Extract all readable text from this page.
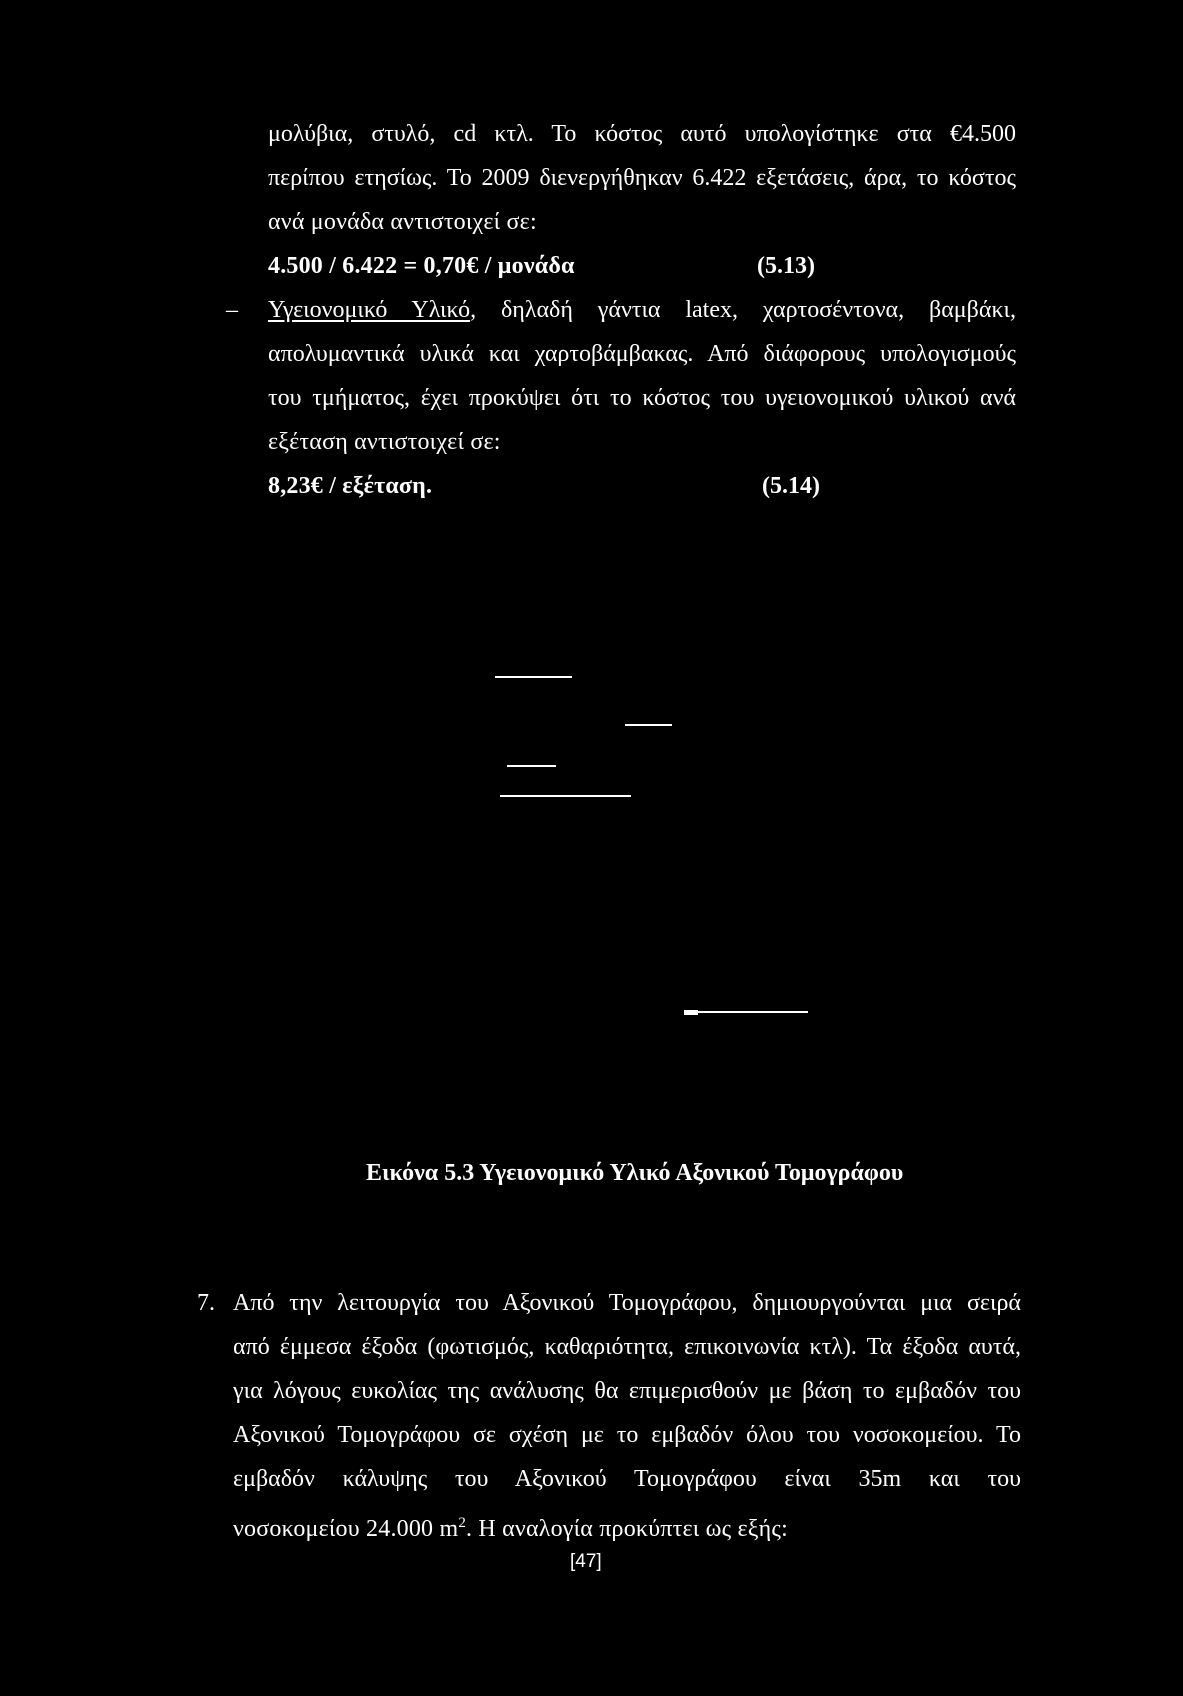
μολύβια, στυλό, cd κτλ. Το κόστος αυτό υπολογίστηκε στα €4.500
περίπου ετησίως. Το 2009 διενεργήθηκαν 6.422 εξετάσεις, άρα, το κόστος
ανά μονάδα αντιστοιχεί σε:
4.500 / 6.422 = 0,70€ / μονάδα	(5.13)
– Υγειονομικό Υλικό, δηλαδή γάντια latex, χαρτοσέντονα, βαμβάκι,
απολυμαντικά υλικά και χαρτοβάμβακας. Από διάφορους υπολογισμούς
του τμήματος, έχει προκύψει ότι το κόστος του υγειονομικού υλικού ανά
εξέταση αντιστοιχεί σε:
8,23€ / εξέταση.	(5.14)
Εικόνα 5.3 Υγειονομικό Υλικό Αξονικού Τομογράφου
7. Από την λειτουργία του Αξονικού Τομογράφου, δημιουργούνται μια σειρά
από έμμεσα έξοδα (φωτισμός, καθαριότητα, επικοινωνία κτλ). Τα έξοδα αυτά,
για λόγους ευκολίας της ανάλυσης θα επιμερισθούν με βάση το εμβαδόν του
Αξονικού Τομογράφου σε σχέση με το εμβαδόν όλου του νοσοκομείου. Το
εμβαδόν κάλυψης του Αξονικού Τομογράφου είναι 35m και του
νοσοκομείου 24.000 $m^2$. Η αναλογία προκύπτει ως εξής:
[47]
